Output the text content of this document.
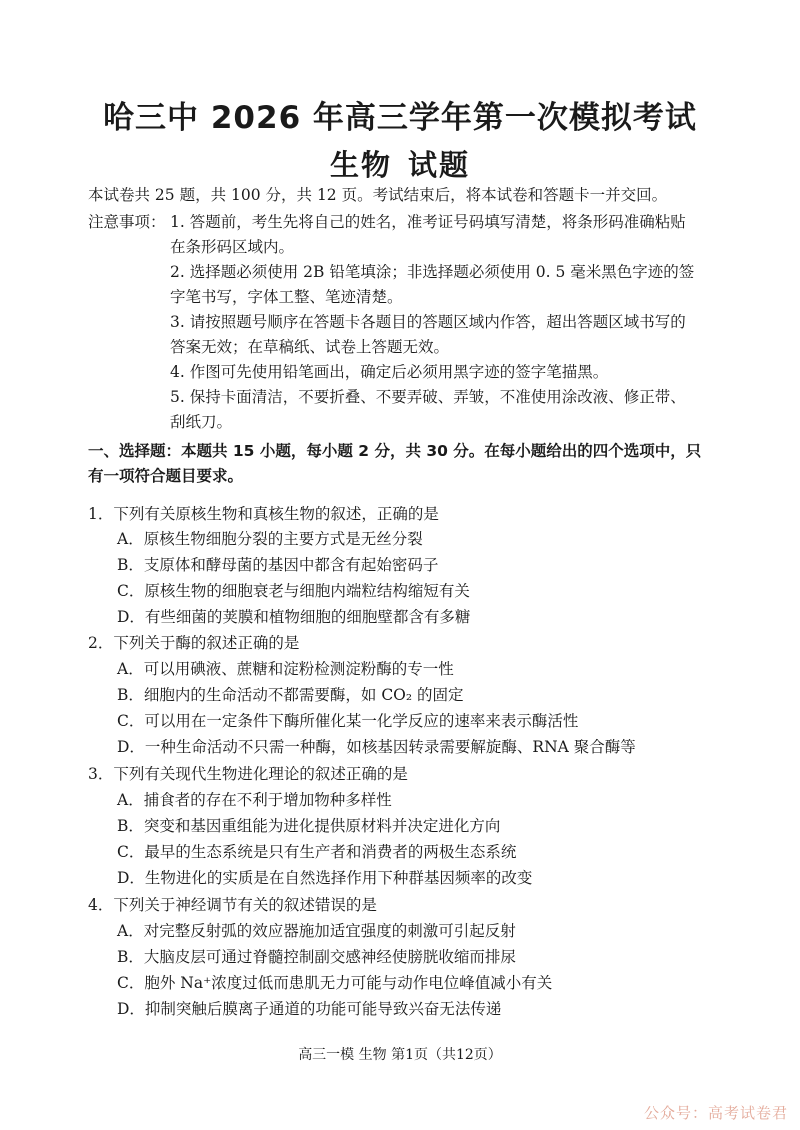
哈三中 2026 年高三学年第一次模拟考试
生物 试题
本试卷共 25 题，共 100 分，共 12 页。考试结束后，将本试卷和答题卡一并交回。
注意事项： 1. 答题前，考生先将自己的姓名，准考证号码填写清楚，将条形码准确粘贴
在条形码区域内。
2. 选择题必须使用 2B 铅笔填涂；非选择题必须使用 0. 5 毫米黑色字迹的签
字笔书写，字体工整、笔迹清楚。
3. 请按照题号顺序在答题卡各题目的答题区域内作答，超出答题区域书写的
答案无效；在草稿纸、试卷上答题无效。
4. 作图可先使用铅笔画出，确定后必须用黑字迹的签字笔描黑。
5. 保持卡面清洁，不要折叠、不要弄破、弄皱，不准使用涂改液、修正带、
刮纸刀。
一、选择题：本题共 15 小题，每小题 2 分，共 30 分。在每小题给出的四个选项中，只
有一项符合题目要求。
1．下列有关原核生物和真核生物的叙述，正确的是
A．原核生物细胞分裂的主要方式是无丝分裂
B．支原体和酵母菌的基因中都含有起始密码子
C．原核生物的细胞衰老与细胞内端粒结构缩短有关
D．有些细菌的荚膜和植物细胞的细胞壁都含有多糖
2．下列关于酶的叙述正确的是
A．可以用碘液、蔗糖和淀粉检测淀粉酶的专一性
B．细胞内的生命活动不都需要酶，如 CO₂ 的固定
C．可以用在一定条件下酶所催化某一化学反应的速率来表示酶活性
D．一种生命活动不只需一种酶，如核基因转录需要解旋酶、RNA 聚合酶等
3．下列有关现代生物进化理论的叙述正确的是
A．捕食者的存在不利于增加物种多样性
B．突变和基因重组能为进化提供原材料并决定进化方向
C．最早的生态系统是只有生产者和消费者的两极生态系统
D．生物进化的实质是在自然选择作用下种群基因频率的改变
4．下列关于神经调节有关的叙述错误的是
A．对完整反射弧的效应器施加适宜强度的刺激可引起反射
B．大脑皮层可通过脊髓控制副交感神经使膀胱收缩而排尿
C．胞外 Na⁺浓度过低而患肌无力可能与动作电位峰值减小有关
D．抑制突触后膜离子通道的功能可能导致兴奋无法传递
高三一模 生物 第1页（共12页）
公众号：高考试卷君
